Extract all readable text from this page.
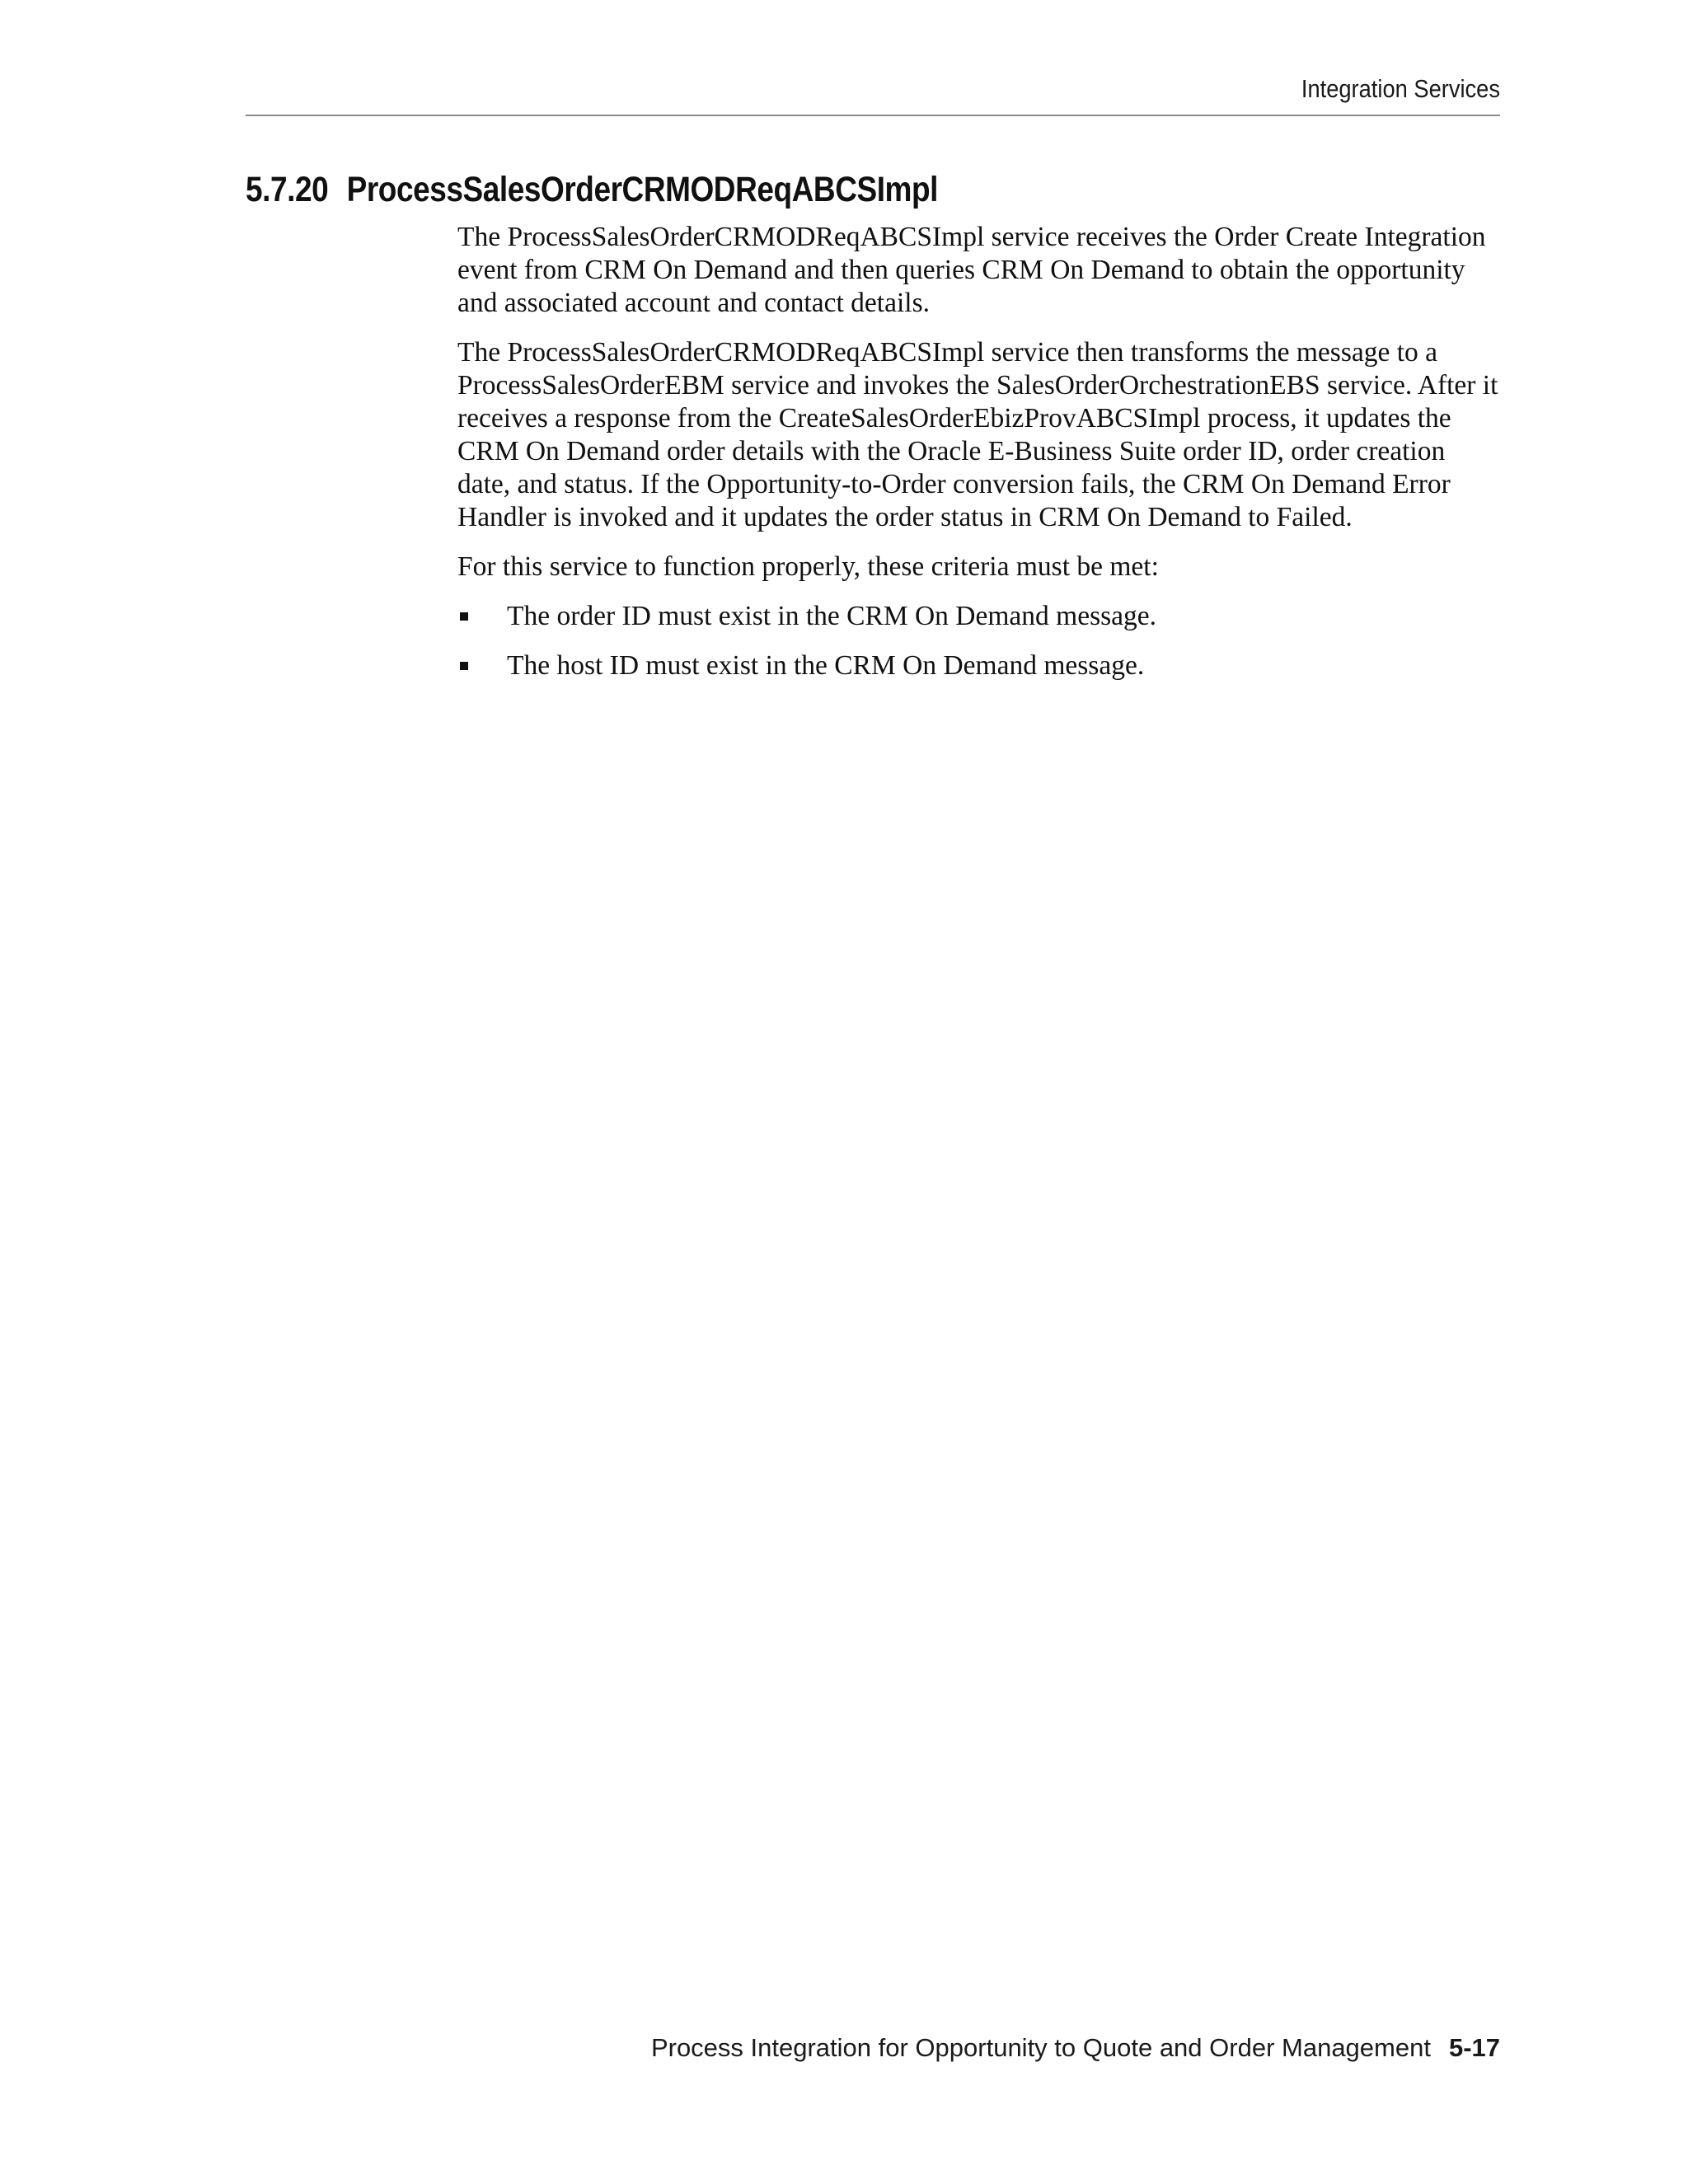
Integration Services
5.7.20 ProcessSalesOrderCRMODReqABCSImpl

The ProcessSalesOrderCRMODReqABCSImpl service receives the Order Create Integration event from CRM On Demand and then queries CRM On Demand to obtain the opportunity and associated account and contact details.

The ProcessSalesOrderCRMODReqABCSImpl service then transforms the message to a ProcessSalesOrderEBM service and invokes the SalesOrderOrchestrationEBS service. After it receives a response from the CreateSalesOrderEbizProvABCSImpl process, it updates the CRM On Demand order details with the Oracle E-Business Suite order ID, order creation date, and status. If the Opportunity-to-Order conversion fails, the CRM On Demand Error Handler is invoked and it updates the order status in CRM On Demand to Failed.

For this service to function properly, these criteria must be met:

The order ID must exist in the CRM On Demand message.
The host ID must exist in the CRM On Demand message.
Process Integration for Opportunity to Quote and Order Management 5-17
